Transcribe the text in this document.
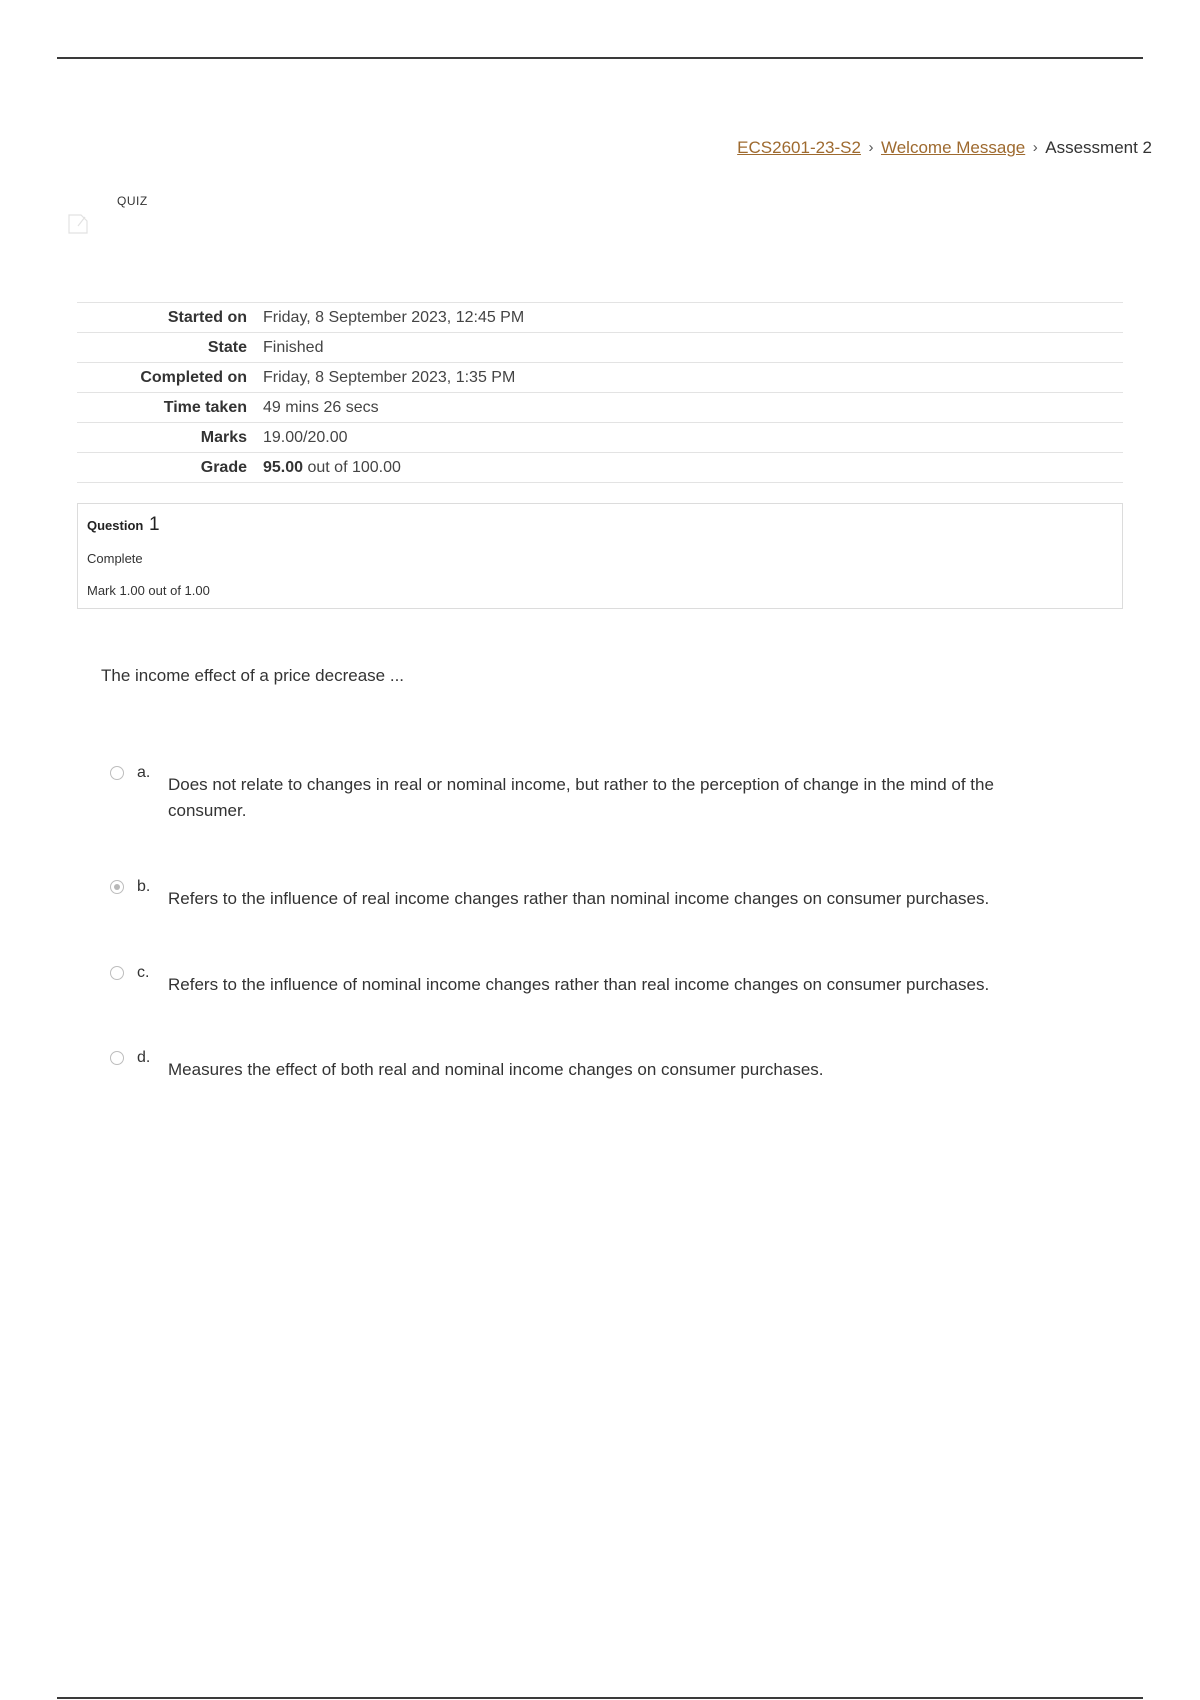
ECS2601-23-S2 › Welcome Message › Assessment 2
QUIZ
Started on	Friday, 8 September 2023, 12:45 PM
State	Finished
Completed on	Friday, 8 September 2023, 1:35 PM
Time taken	49 mins 26 secs
Marks	19.00/20.00
Grade	95.00 out of 100.00
Question 1
Complete
Mark 1.00 out of 1.00
The income effect of a price decrease ...
a.
Does not relate to changes in real or nominal income, but rather to the perception of change in the mind of the consumer.
b.
Refers to the influence of real income changes rather than nominal income changes on consumer purchases.
c.
Refers to the influence of nominal income changes rather than real income changes on consumer purchases.
d.
Measures the effect of both real and nominal income changes on consumer purchases.
